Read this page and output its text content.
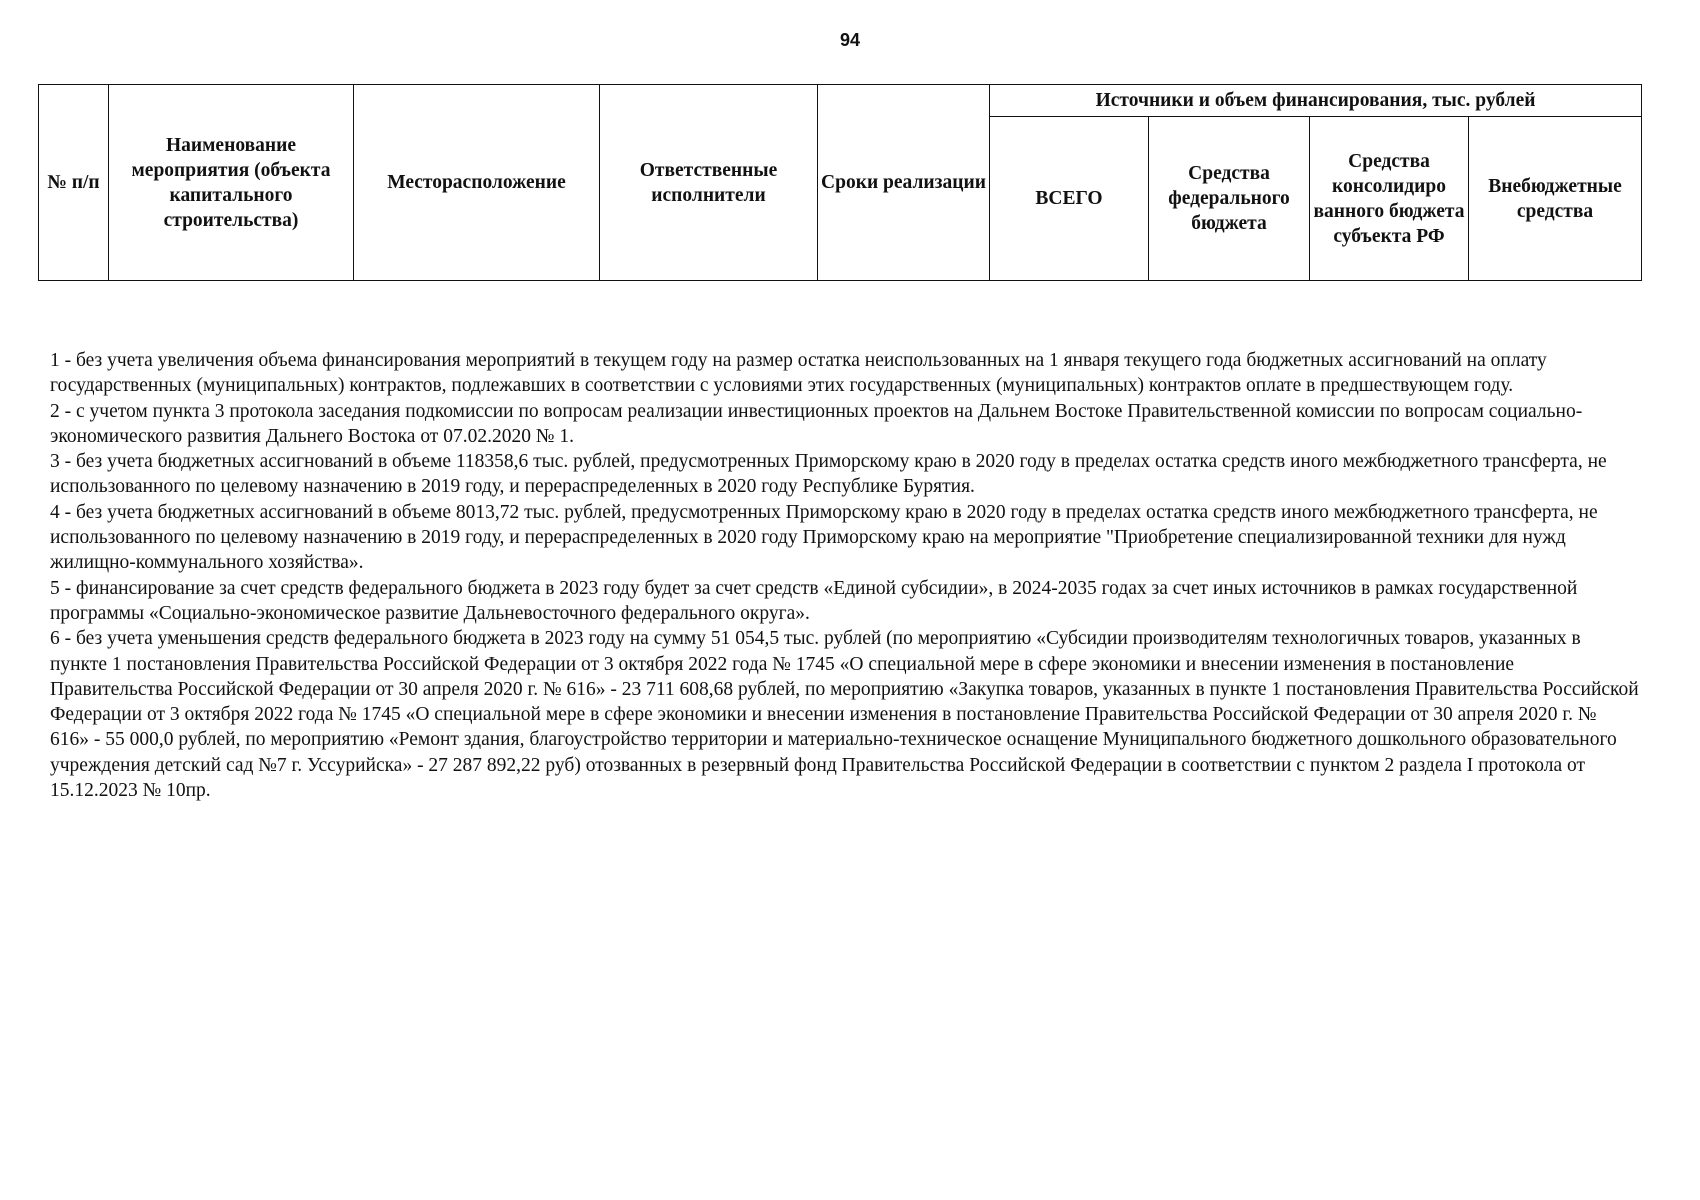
94
№ п/п	Наименование мероприятия (объекта капитального строительства)	Месторасположение	Ответственные исполнители	Сроки реализации	Источники и объем финансирования, тыс. рублей			
					ВСЕГО	Средства федерального бюджета	Средства консолидиро ванного бюджета субъекта РФ	Внебюджетные средства

1 - без учета увеличения объема финансирования мероприятий в текущем году на размер остатка неиспользованных на 1 января текущего года бюджетных ассигнований на оплату государственных (муниципальных) контрактов, подлежавших в соответствии с условиями этих государственных (муниципальных) контрактов оплате в предшествующем году.

2 - с учетом пункта 3 протокола заседания подкомиссии по вопросам реализации инвестиционных проектов на Дальнем Востоке Правительственной комиссии по вопросам социально-экономического развития Дальнего Востока от 07.02.2020 № 1.

3 - без учета бюджетных ассигнований в объеме 118358,6 тыс. рублей, предусмотренных Приморскому краю в 2020 году в пределах остатка средств иного межбюджетного трансферта, не использованного по целевому назначению в 2019 году, и перераспределенных в 2020 году Республике Бурятия.

4 - без учета бюджетных ассигнований в объеме 8013,72 тыс. рублей, предусмотренных Приморскому краю в 2020 году в пределах остатка средств иного межбюджетного трансферта, не использованного по целевому назначению в 2019 году, и перераспределенных в 2020 году Приморскому краю на мероприятие "Приобретение специализированной техники для нужд жилищно-коммунального хозяйства».

5 - финансирование за счет средств федерального бюджета в 2023 году будет за счет средств «Единой субсидии», в 2024-2035 годах за счет иных источников в рамках государственной программы «Социально-экономическое развитие Дальневосточного федерального округа».

6 - без учета уменьшения средств федерального бюджета в 2023 году на сумму 51 054,5 тыс. рублей (по мероприятию «Субсидии производителям технологичных товаров, указанных в пункте 1 постановления Правительства Российской Федерации от 3 октября 2022 года № 1745 «О специальной мере в сфере экономики и внесении изменения в постановление Правительства Российской Федерации от 30 апреля 2020 г. № 616» - 23 711 608,68 рублей, по мероприятию «Закупка товаров, указанных в пункте 1 постановления Правительства Российской Федерации от 3 октября 2022 года № 1745 «О специальной мере в сфере экономики и внесении изменения в постановление Правительства Российской Федерации от 30 апреля 2020 г. № 616» - 55 000,0 рублей, по мероприятию «Ремонт здания, благоустройство территории и материально-техническое оснащение Муниципального бюджетного дошкольного образовательного учреждения детский сад №7 г. Уссурийска» - 27 287 892,22 руб) отозванных в резервный фонд Правительства Российской Федерации в соответствии с пунктом 2 раздела I протокола от 15.12.2023 № 10пр.
